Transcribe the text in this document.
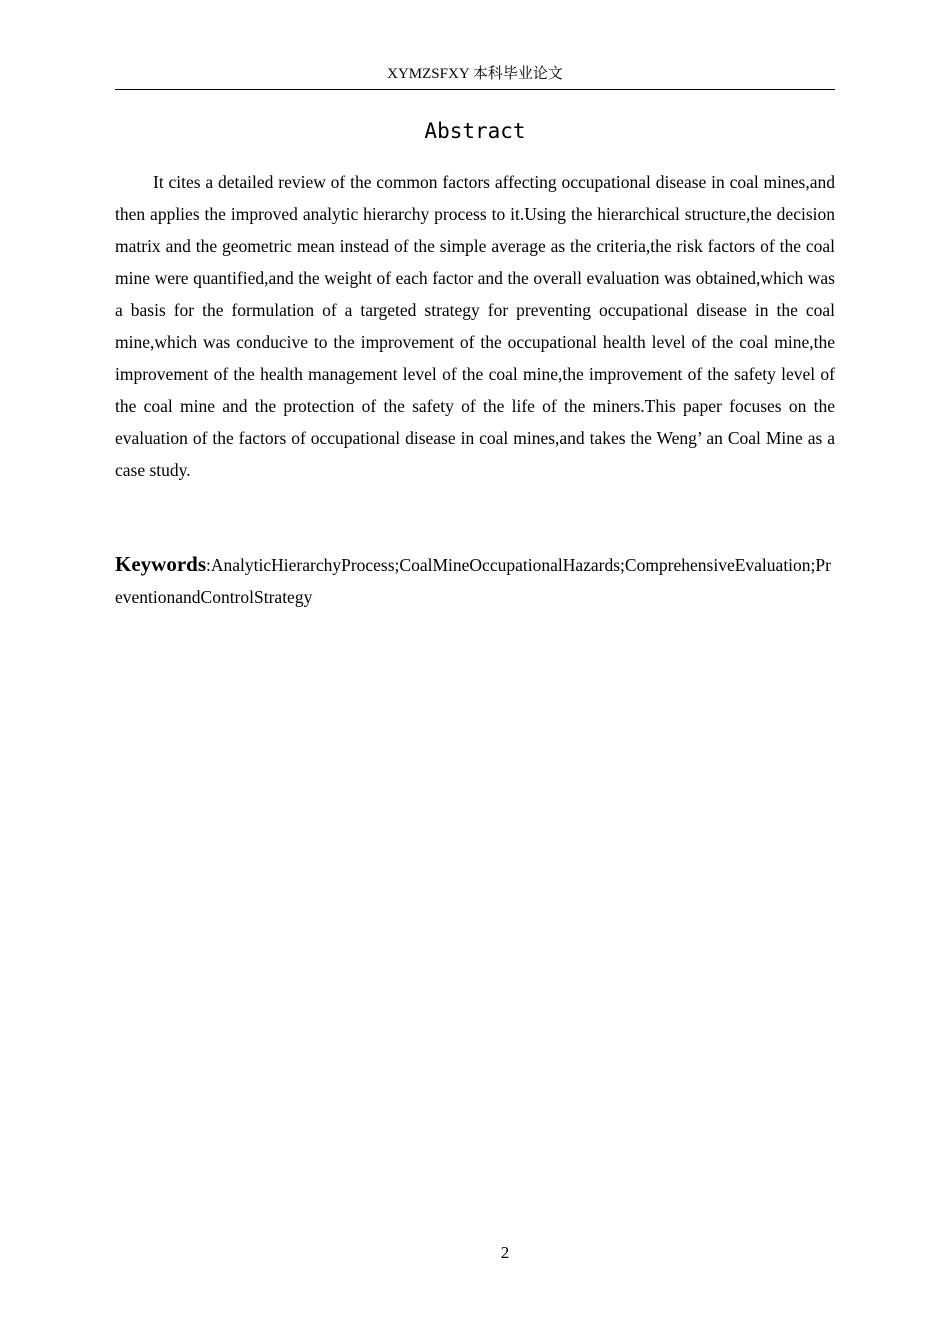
XYMZSFXY 本科毕业论文
Abstract

It cites a detailed review of the common factors affecting occupational disease in coal mines,and then applies the improved analytic hierarchy process to it.Using the hierarchical structure,the decision matrix and the geometric mean instead of the simple average as the criteria,the risk factors of the coal mine were quantified,and the weight of each factor and the overall evaluation was obtained,which was a basis for the formulation of a targeted strategy for preventing occupational disease in the coal mine,which was conducive to the improvement of the occupational health level of the coal mine,the improvement of the health management level of the coal mine,the improvement of the safety level of the coal mine and the protection of the safety of the life of the miners.This paper focuses on the evaluation of the factors of occupational disease in coal mines,and takes the Weng’ an Coal Mine as a case study.

Keywords:AnalyticHierarchyProcess;CoalMineOccupationalHazards;ComprehensiveEvaluation;PreventionandControlStrategy

2
